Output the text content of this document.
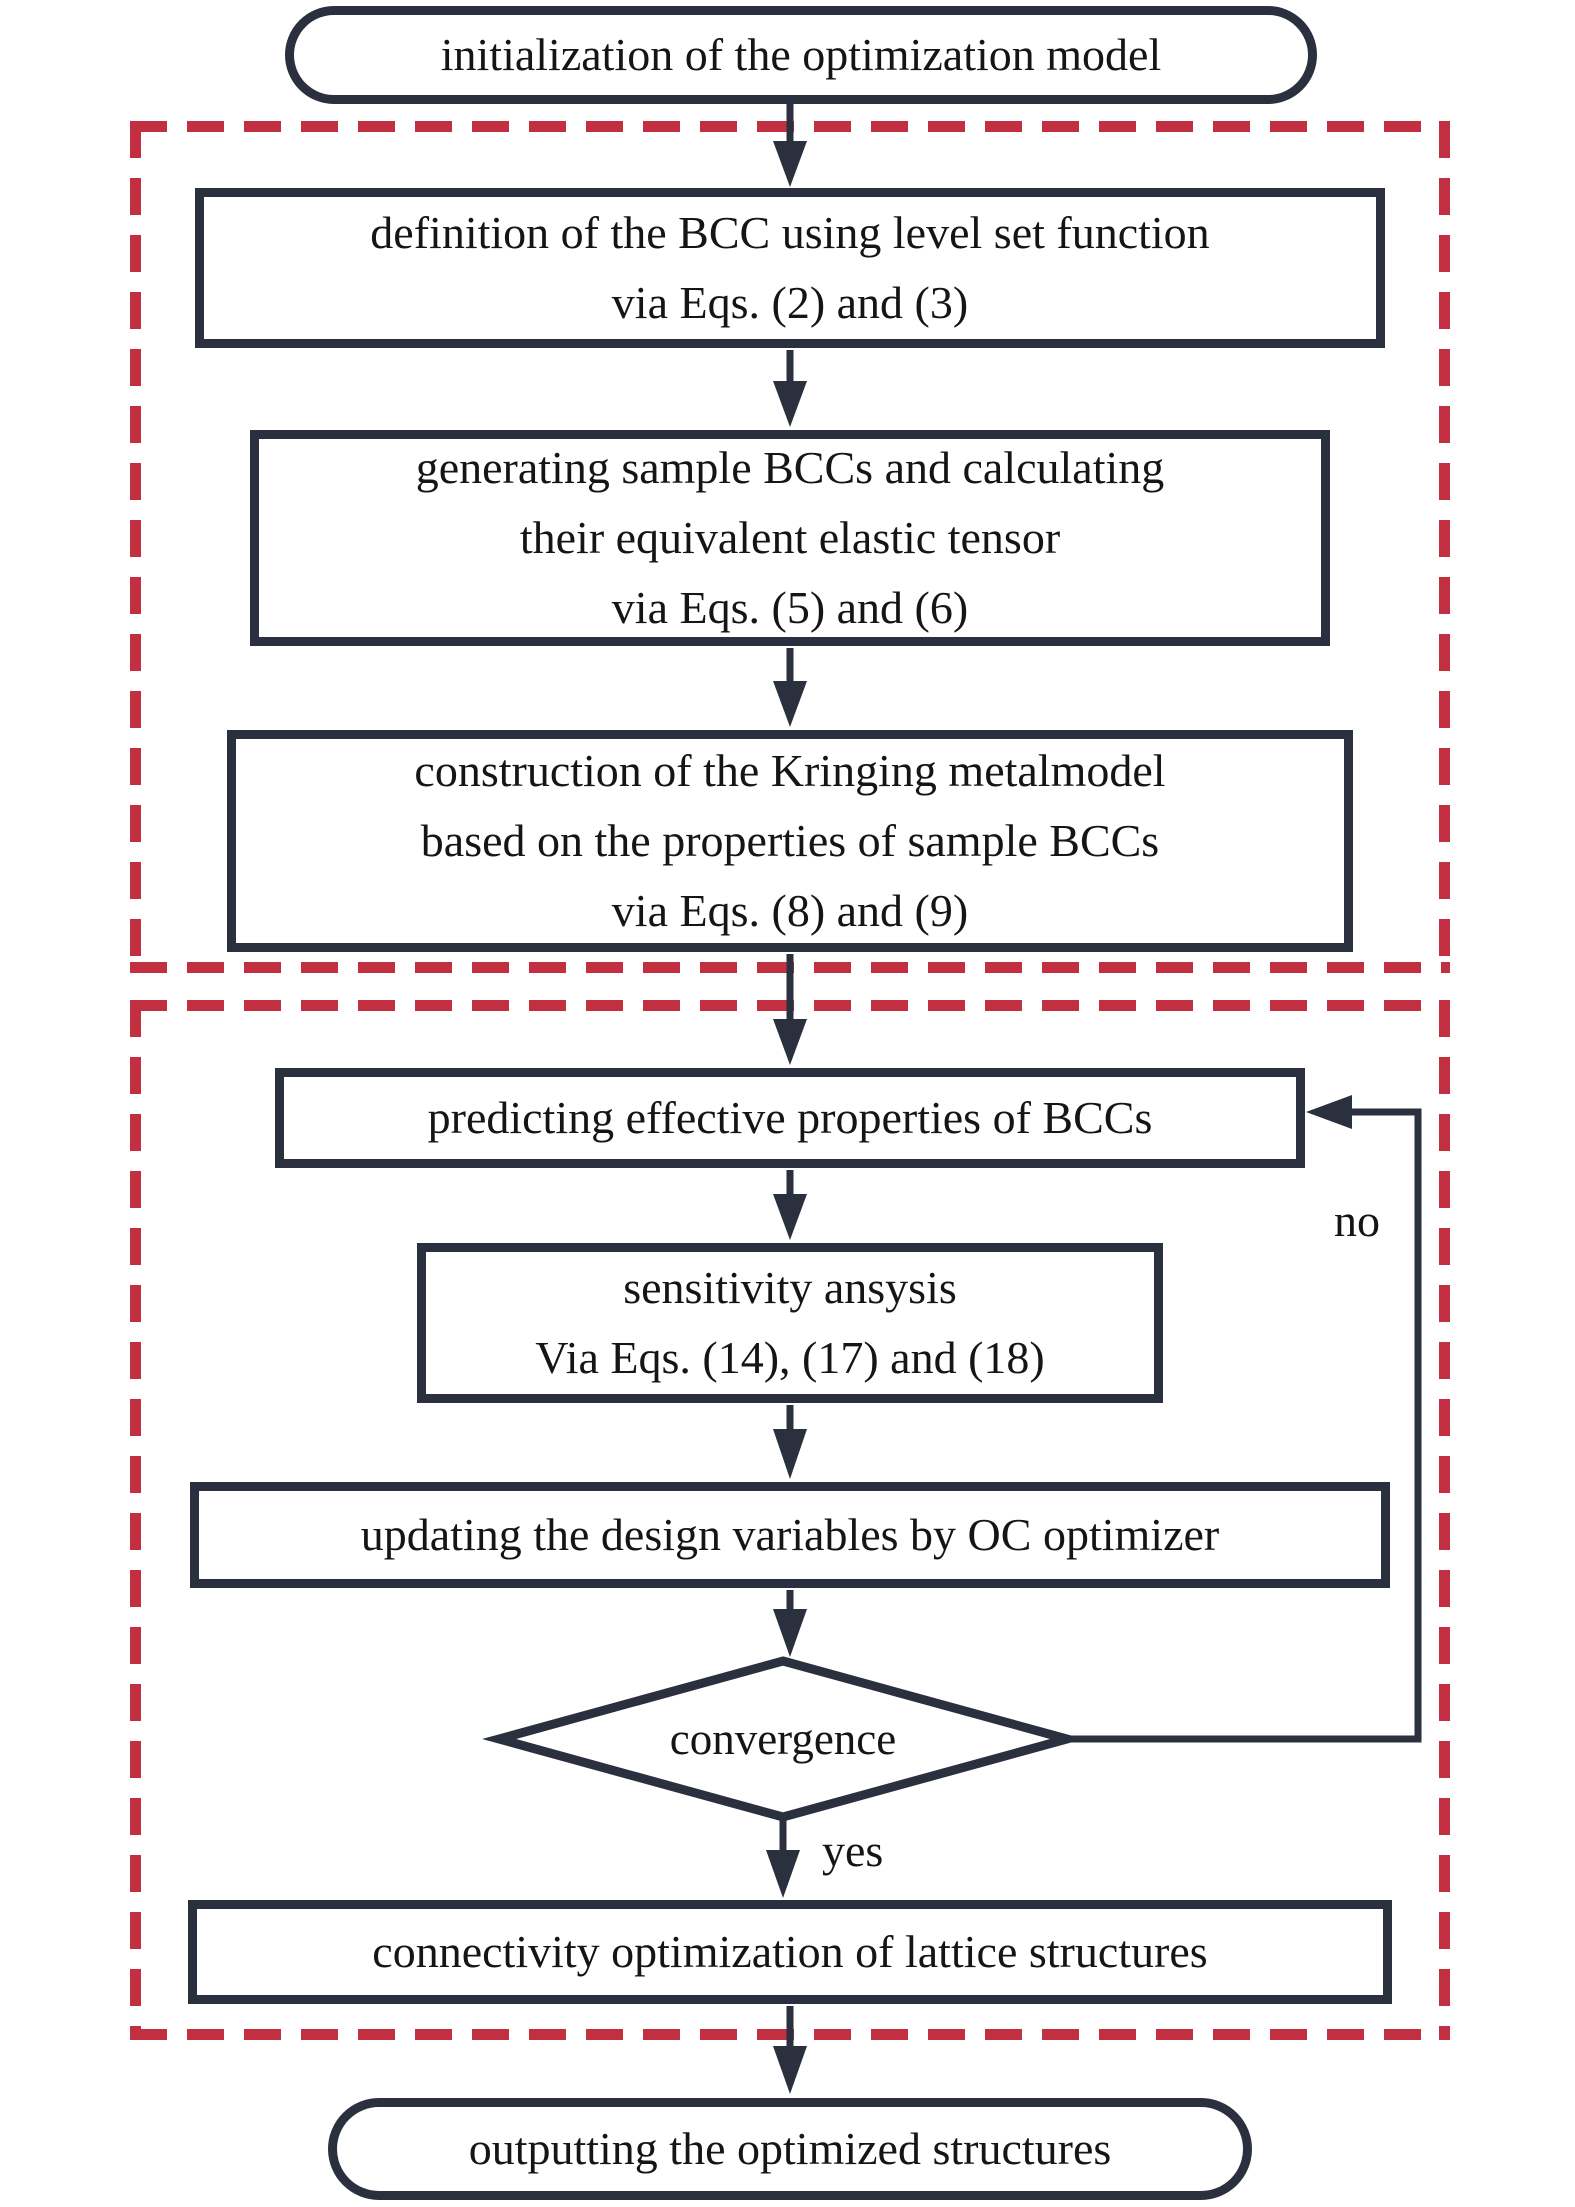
initialization of the optimization model
definition of the BCC using level set function
via Eqs. (2) and (3)
generating sample BCCs and calculating
their equivalent elastic tensor
via Eqs. (5) and (6)
construction of the Kringing metalmodel
based on the properties of sample BCCs
via Eqs. (8) and (9)
predicting effective properties of BCCs
sensitivity ansysis
Via Eqs. (14), (17) and (18)
updating the design variables by OC optimizer
convergence
yes
no
connectivity optimization of lattice structures
outputting the optimized structures
